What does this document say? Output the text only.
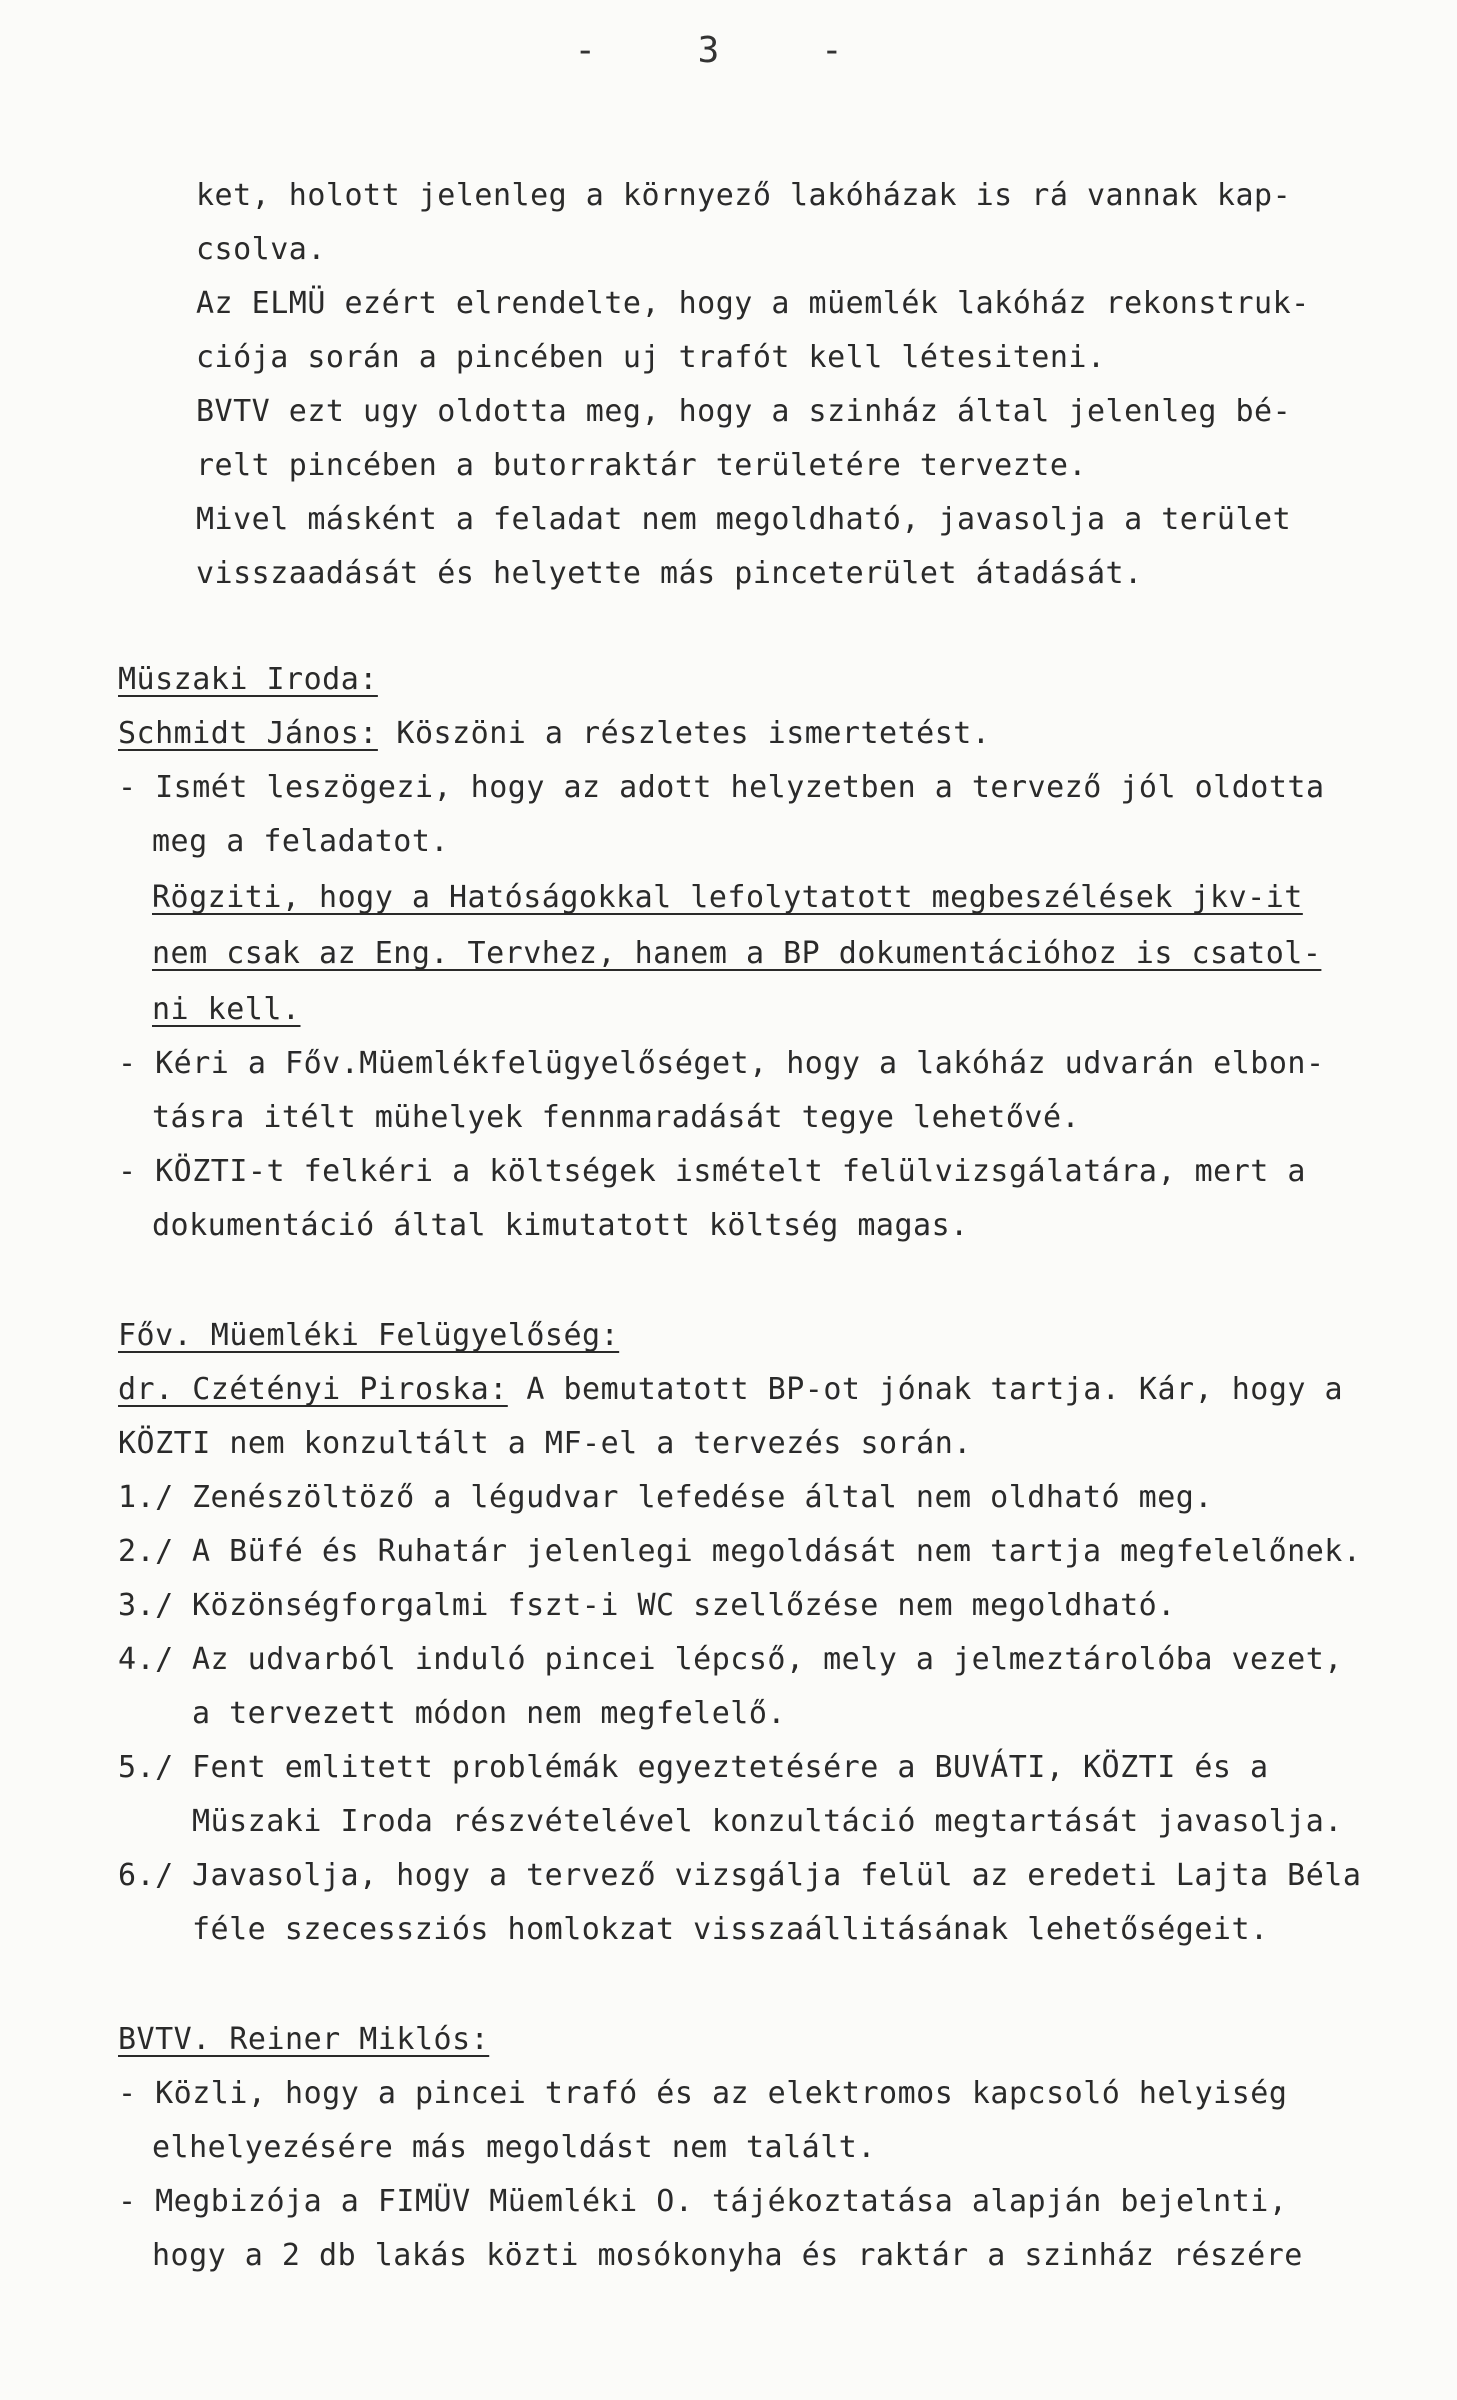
- 3 -
ket, holott jelenleg a környező lakóházak is rá vannak kap-
csolva.
Az ELMÜ ezért elrendelte, hogy a müemlék lakóház rekonstruk-
ciója során a pincében uj trafót kell létesiteni.
BVTV ezt ugy oldotta meg, hogy a szinház által jelenleg bé-
relt pincében a butorraktár területére tervezte.
Mivel másként a feladat nem megoldható, javasolja a terület
visszaadását és helyette más pinceterület átadását.
Müszaki Iroda:
Schmidt János: Köszöni a részletes ismertetést.
- Ismét leszögezi, hogy az adott helyzetben a tervező jól oldotta
meg a feladatot.
Rögziti, hogy a Hatóságokkal lefolytatott megbeszélések jkv-it
nem csak az Eng. Tervhez, hanem a BP dokumentációhoz is csatol-
ni kell.
- Kéri a Főv.Müemlékfelügyelőséget, hogy a lakóház udvarán elbon-
tásra itélt mühelyek fennmaradását tegye lehetővé.
- KÖZTI-t felkéri a költségek ismételt felülvizsgálatára, mert a
dokumentáció által kimutatott költség magas.
Főv. Müemléki Felügyelőség:
dr. Czétényi Piroska: A bemutatott BP-ot jónak tartja. Kár, hogy a
KÖZTI nem konzultált a MF-el a tervezés során.
1./ Zenészöltöző a légudvar lefedése által nem oldható meg.
2./ A Büfé és Ruhatár jelenlegi megoldását nem tartja megfelelőnek.
3./ Közönségforgalmi fszt-i WC szellőzése nem megoldható.
4./ Az udvarból induló pincei lépcső, mely a jelmeztárolóba vezet,
a tervezett módon nem megfelelő.
5./ Fent emlitett problémák egyeztetésére a BUVÁTI, KÖZTI és a
Müszaki Iroda részvételével konzultáció megtartását javasolja.
6./ Javasolja, hogy a tervező vizsgálja felül az eredeti Lajta Béla
féle szecessziós homlokzat visszaállitásának lehetőségeit.
BVTV. Reiner Miklós:
- Közli, hogy a pincei trafó és az elektromos kapcsoló helyiség
elhelyezésére más megoldást nem talált.
- Megbizója a FIMÜV Müemléki O. tájékoztatása alapján bejelnti,
hogy a 2 db lakás közti mosókonyha és raktár a szinház részére
